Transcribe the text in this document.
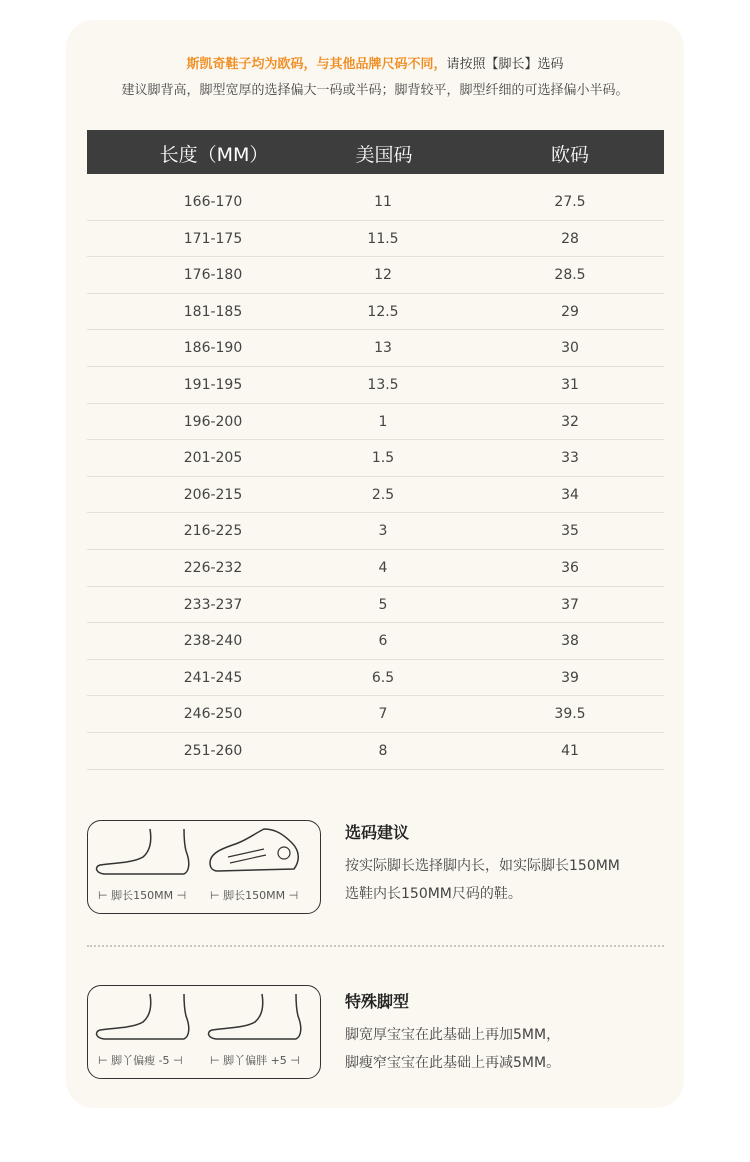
斯凯奇鞋子均为欧码，与其他品牌尺码不同，请按照【脚长】选码
建议脚背高，脚型宽厚的选择偏大一码或半码；脚背较平，脚型纤细的可选择偏小半码。
长度（MM）	美国码	欧码
166-170	11	27.5
171-175	11.5	28
176-180	12	28.5
181-185	12.5	29
186-190	13	30
191-195	13.5	31
196-200	1	32
201-205	1.5	33
206-215	2.5	34
216-225	3	35
226-232	4	36
233-237	5	37
238-240	6	38
241-245	6.5	39
246-250	7	39.5
251-260	8	41
⊢ 脚长150MM ⊣ ⊢ 脚长150MM ⊣
选码建议
按实际脚长选择脚内长，如实际脚长150MM
选鞋内长150MM尺码的鞋。
⊢ 脚丫偏瘦 -5 ⊣ ⊢ 脚丫偏胖 +5 ⊣
特殊脚型
脚宽厚宝宝在此基础上再加5MM，
脚瘦窄宝宝在此基础上再减5MM。
